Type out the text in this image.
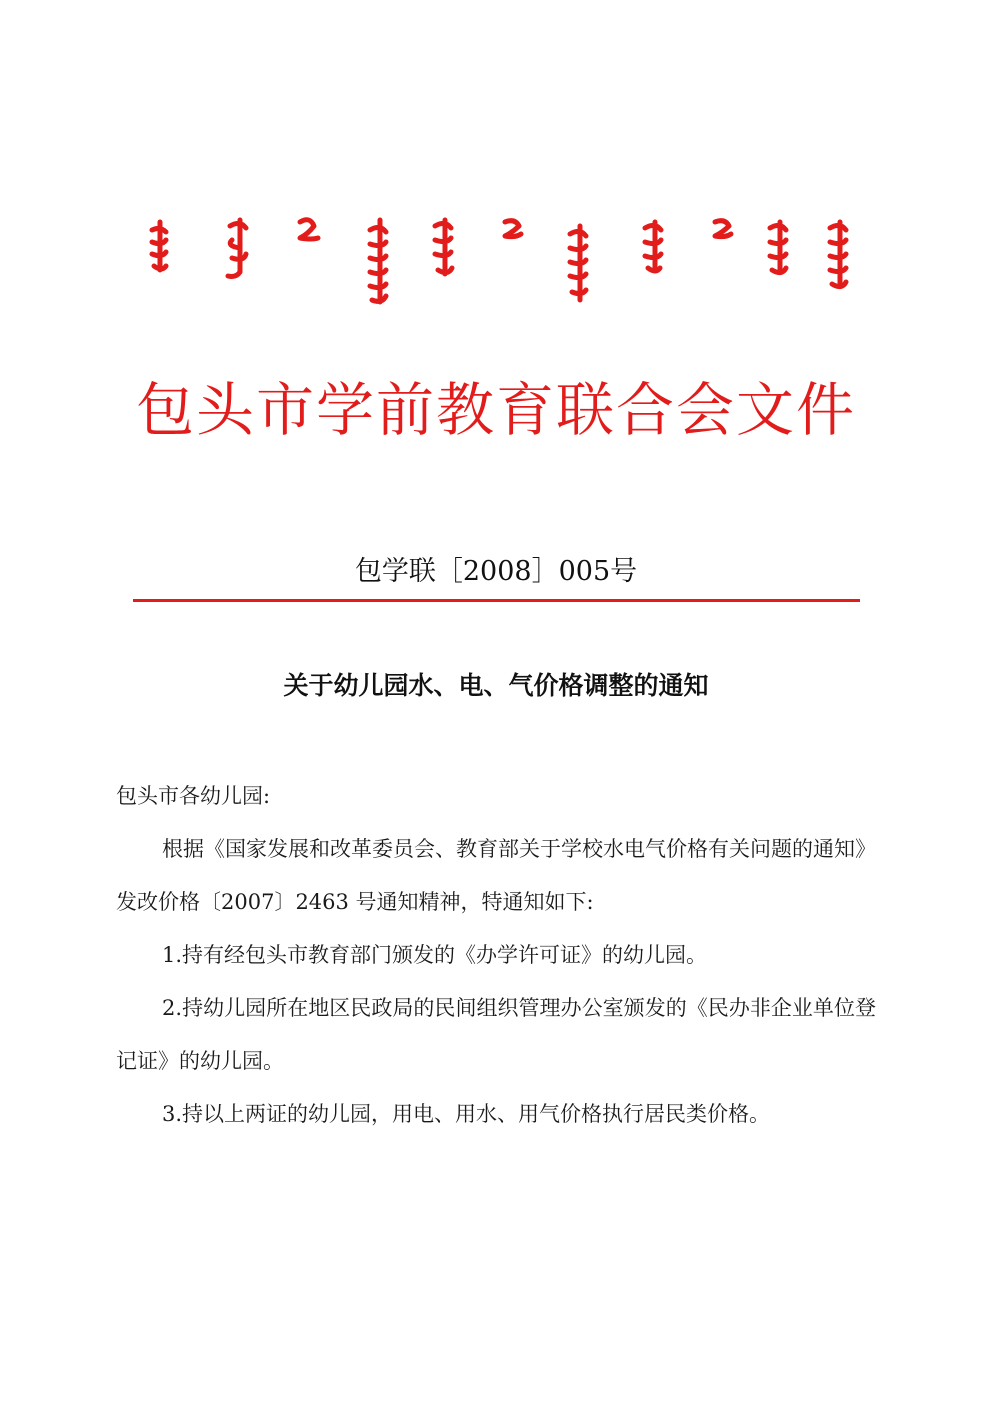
包头市学前教育联合会文件
包学联［2008］005号
关于幼儿园水、电、气价格调整的通知

包头市各幼儿园:

根据《国家发展和改革委员会、教育部关于学校水电气价格有关问题的通知》发改价格〔2007〕2463 号通知精神，特通知如下:

1.持有经包头市教育部门颁发的《办学许可证》的幼儿园。

2.持幼儿园所在地区民政局的民间组织管理办公室颁发的《民办非企业单位登记证》的幼儿园。

3.持以上两证的幼儿园，用电、用水、用气价格执行居民类价格。
